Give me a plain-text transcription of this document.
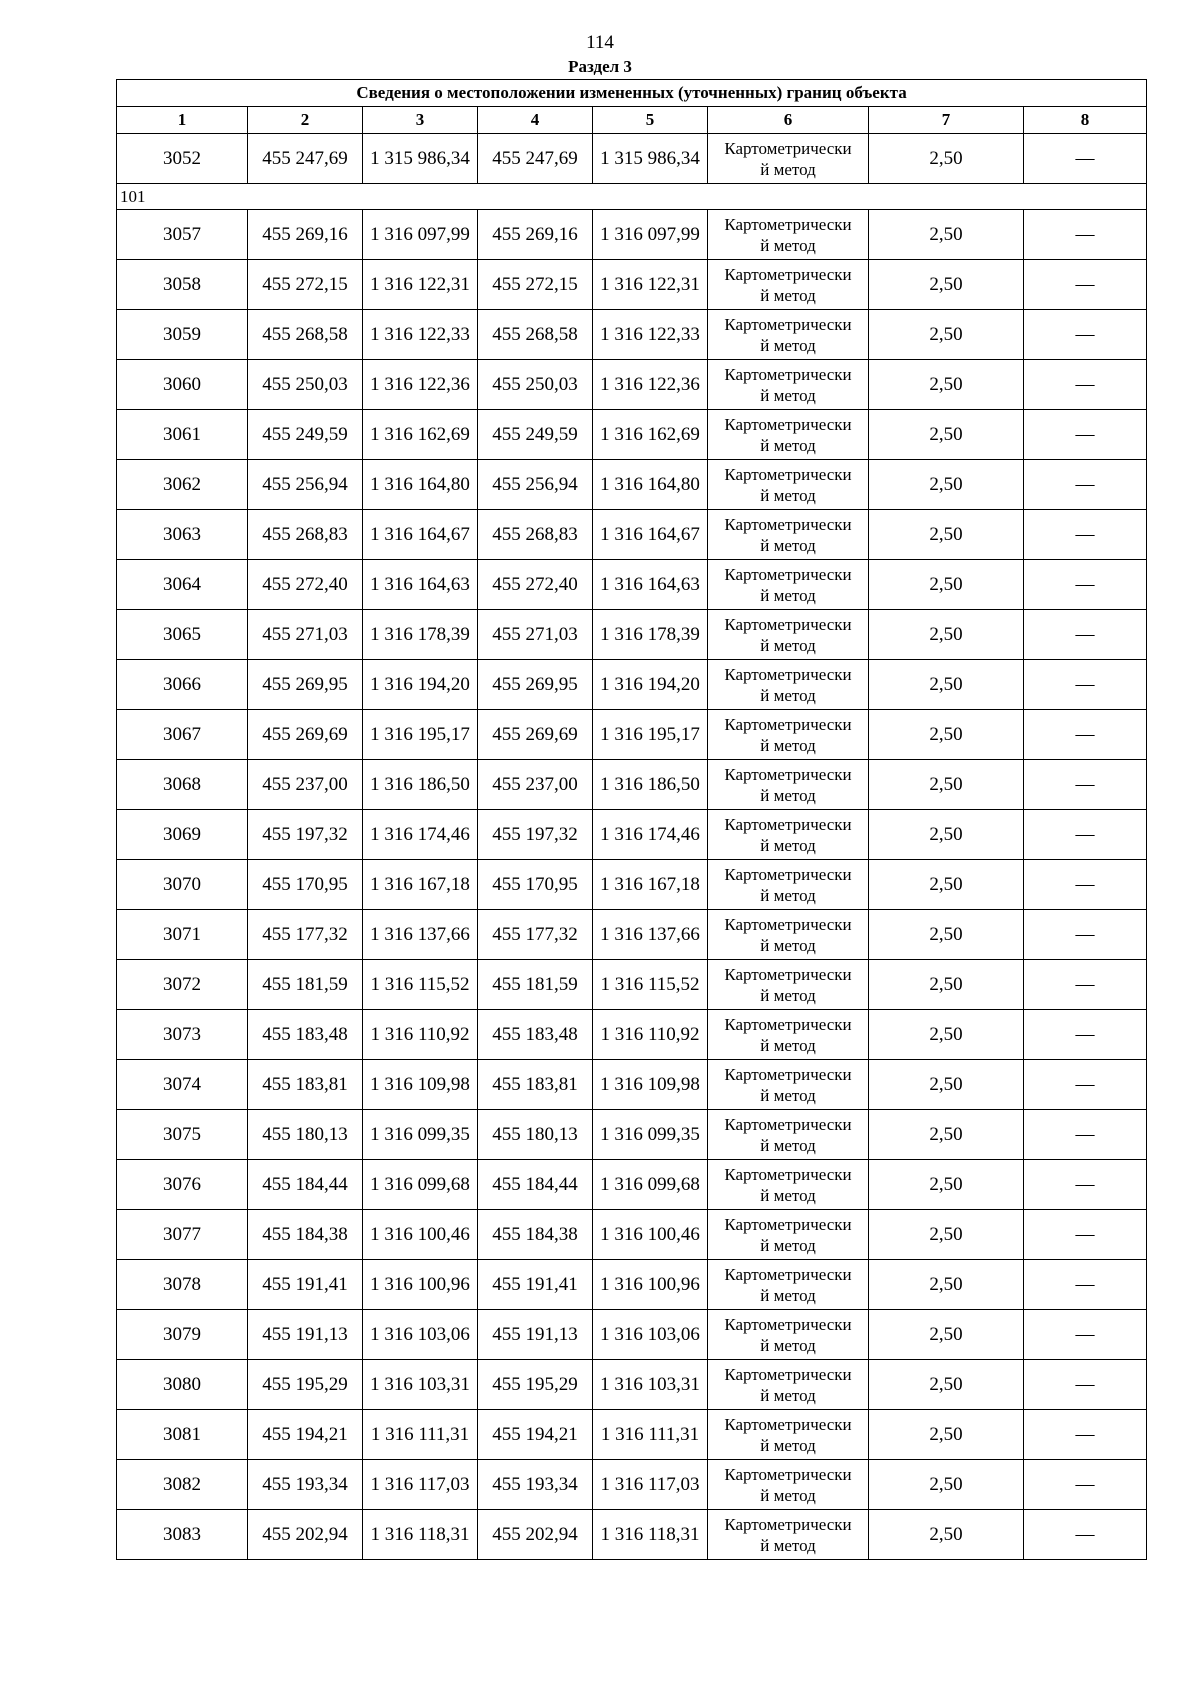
114
Раздел 3
Сведения о местоположении измененных (уточненных) границ объекта							
1	2	3	4	5	6	7	8
3052	455 247,69	1 315 986,34	455 247,69	1 315 986,34	Картометрически
й метод	2,50	—
101							
3057	455 269,16	1 316 097,99	455 269,16	1 316 097,99	Картометрически
й метод	2,50	—
3058	455 272,15	1 316 122,31	455 272,15	1 316 122,31	Картометрически
й метод	2,50	—
3059	455 268,58	1 316 122,33	455 268,58	1 316 122,33	Картометрически
й метод	2,50	—
3060	455 250,03	1 316 122,36	455 250,03	1 316 122,36	Картометрически
й метод	2,50	—
3061	455 249,59	1 316 162,69	455 249,59	1 316 162,69	Картометрически
й метод	2,50	—
3062	455 256,94	1 316 164,80	455 256,94	1 316 164,80	Картометрически
й метод	2,50	—
3063	455 268,83	1 316 164,67	455 268,83	1 316 164,67	Картометрически
й метод	2,50	—
3064	455 272,40	1 316 164,63	455 272,40	1 316 164,63	Картометрически
й метод	2,50	—
3065	455 271,03	1 316 178,39	455 271,03	1 316 178,39	Картометрически
й метод	2,50	—
3066	455 269,95	1 316 194,20	455 269,95	1 316 194,20	Картометрически
й метод	2,50	—
3067	455 269,69	1 316 195,17	455 269,69	1 316 195,17	Картометрически
й метод	2,50	—
3068	455 237,00	1 316 186,50	455 237,00	1 316 186,50	Картометрически
й метод	2,50	—
3069	455 197,32	1 316 174,46	455 197,32	1 316 174,46	Картометрически
й метод	2,50	—
3070	455 170,95	1 316 167,18	455 170,95	1 316 167,18	Картометрически
й метод	2,50	—
3071	455 177,32	1 316 137,66	455 177,32	1 316 137,66	Картометрически
й метод	2,50	—
3072	455 181,59	1 316 115,52	455 181,59	1 316 115,52	Картометрически
й метод	2,50	—
3073	455 183,48	1 316 110,92	455 183,48	1 316 110,92	Картометрически
й метод	2,50	—
3074	455 183,81	1 316 109,98	455 183,81	1 316 109,98	Картометрически
й метод	2,50	—
3075	455 180,13	1 316 099,35	455 180,13	1 316 099,35	Картометрически
й метод	2,50	—
3076	455 184,44	1 316 099,68	455 184,44	1 316 099,68	Картометрически
й метод	2,50	—
3077	455 184,38	1 316 100,46	455 184,38	1 316 100,46	Картометрически
й метод	2,50	—
3078	455 191,41	1 316 100,96	455 191,41	1 316 100,96	Картометрически
й метод	2,50	—
3079	455 191,13	1 316 103,06	455 191,13	1 316 103,06	Картометрически
й метод	2,50	—
3080	455 195,29	1 316 103,31	455 195,29	1 316 103,31	Картометрически
й метод	2,50	—
3081	455 194,21	1 316 111,31	455 194,21	1 316 111,31	Картометрически
й метод	2,50	—
3082	455 193,34	1 316 117,03	455 193,34	1 316 117,03	Картометрически
й метод	2,50	—
3083	455 202,94	1 316 118,31	455 202,94	1 316 118,31	Картометрически
й метод	2,50	—
